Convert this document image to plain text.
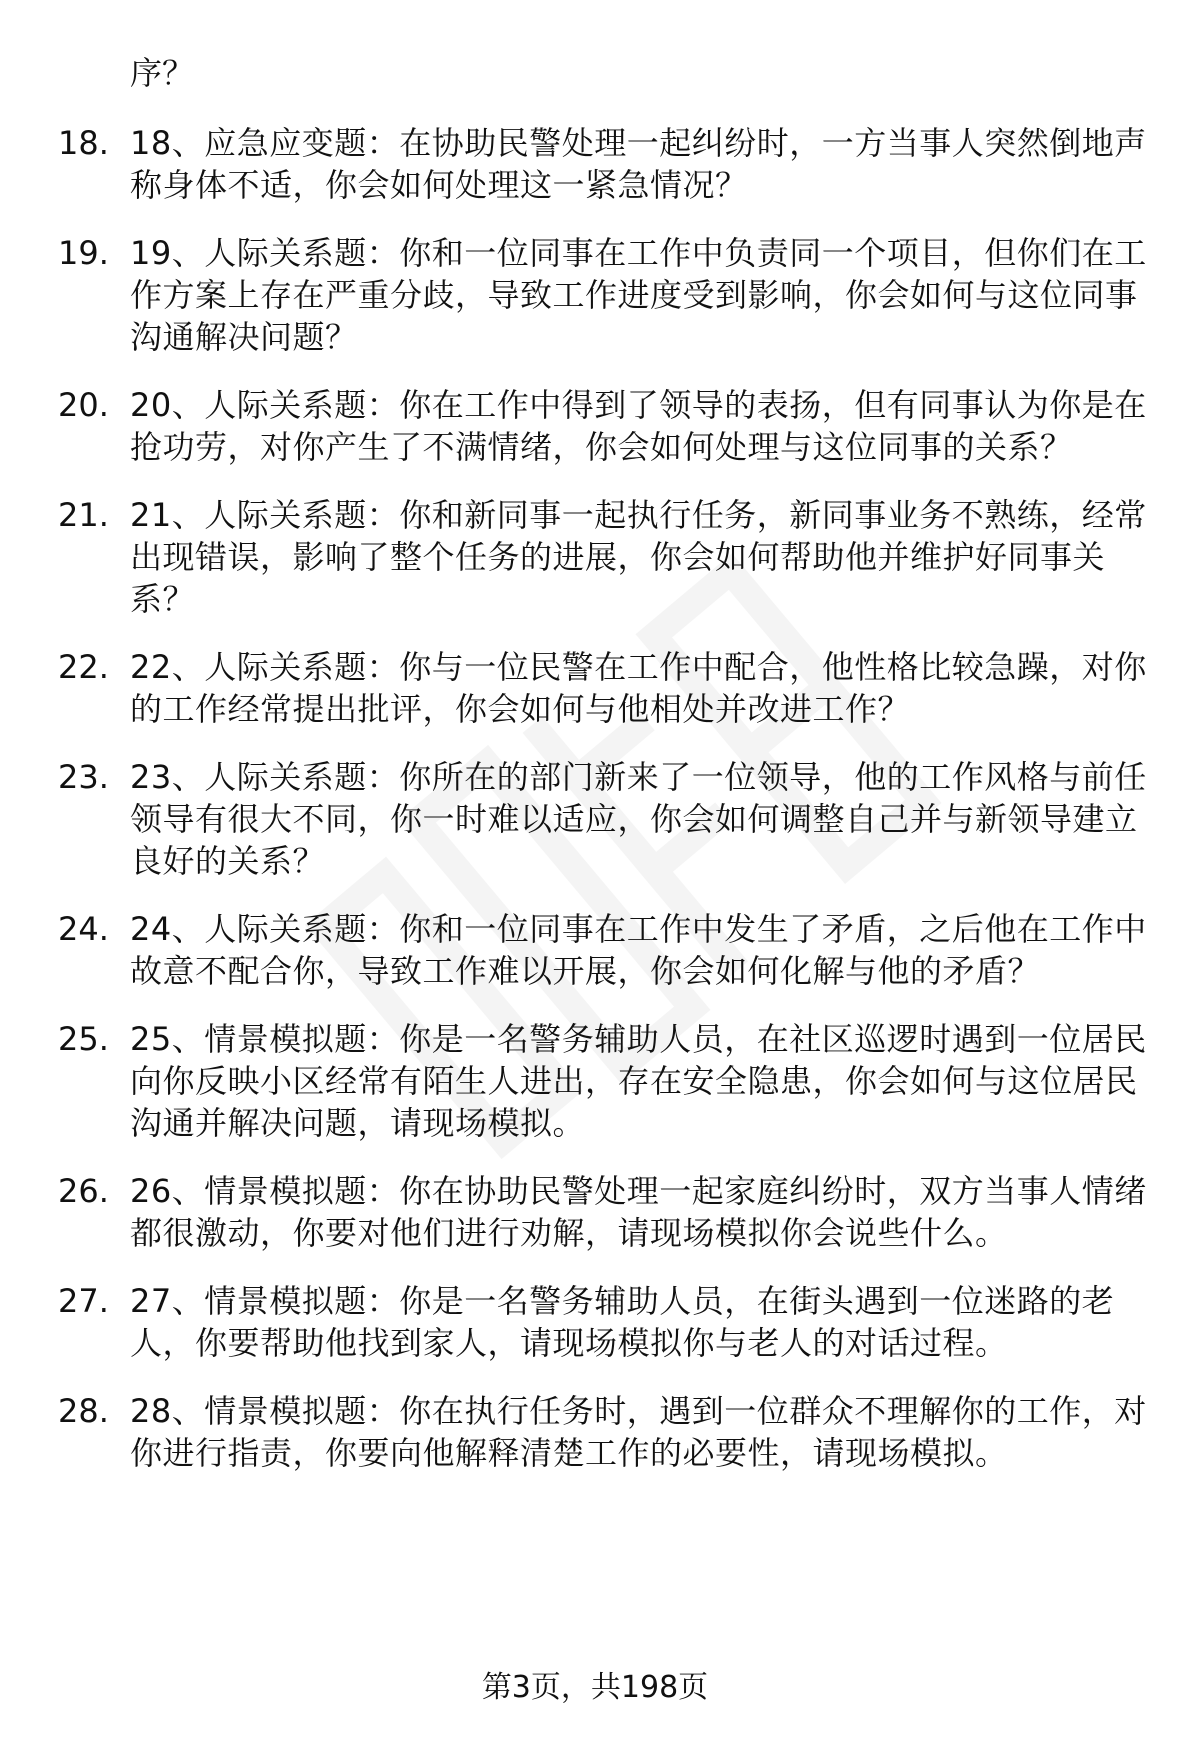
序？

18. 18、应急应变题：在协助民警处理一起纠纷时，一方当事人突然倒地声称身体不适，你会如何处理这一紧急情况？
19. 19、人际关系题：你和一位同事在工作中负责同一个项目，但你们在工作方案上存在严重分歧，导致工作进度受到影响，你会如何与这位同事沟通解决问题？
20. 20、人际关系题：你在工作中得到了领导的表扬，但有同事认为你是在抢功劳，对你产生了不满情绪，你会如何处理与这位同事的关系？
21. 21、人际关系题：你和新同事一起执行任务，新同事业务不熟练，经常出现错误，影响了整个任务的进展，你会如何帮助他并维护好同事关系？
22. 22、人际关系题：你与一位民警在工作中配合，他性格比较急躁，对你的工作经常提出批评，你会如何与他相处并改进工作？
23. 23、人际关系题：你所在的部门新来了一位领导，他的工作风格与前任领导有很大不同，你一时难以适应，你会如何调整自己并与新领导建立良好的关系？
24. 24、人际关系题：你和一位同事在工作中发生了矛盾，之后他在工作中故意不配合你，导致工作难以开展，你会如何化解与他的矛盾？
25. 25、情景模拟题：你是一名警务辅助人员，在社区巡逻时遇到一位居民向你反映小区经常有陌生人进出，存在安全隐患，你会如何与这位居民沟通并解决问题，请现场模拟。
26. 26、情景模拟题：你在协助民警处理一起家庭纠纷时，双方当事人情绪都很激动，你要对他们进行劝解，请现场模拟你会说些什么。
27. 27、情景模拟题：你是一名警务辅助人员，在街头遇到一位迷路的老人，你要帮助他找到家人，请现场模拟你与老人的对话过程。
28. 28、情景模拟题：你在执行任务时，遇到一位群众不理解你的工作，对你进行指责，你要向他解释清楚工作的必要性，请现场模拟。
第3页，共198页
